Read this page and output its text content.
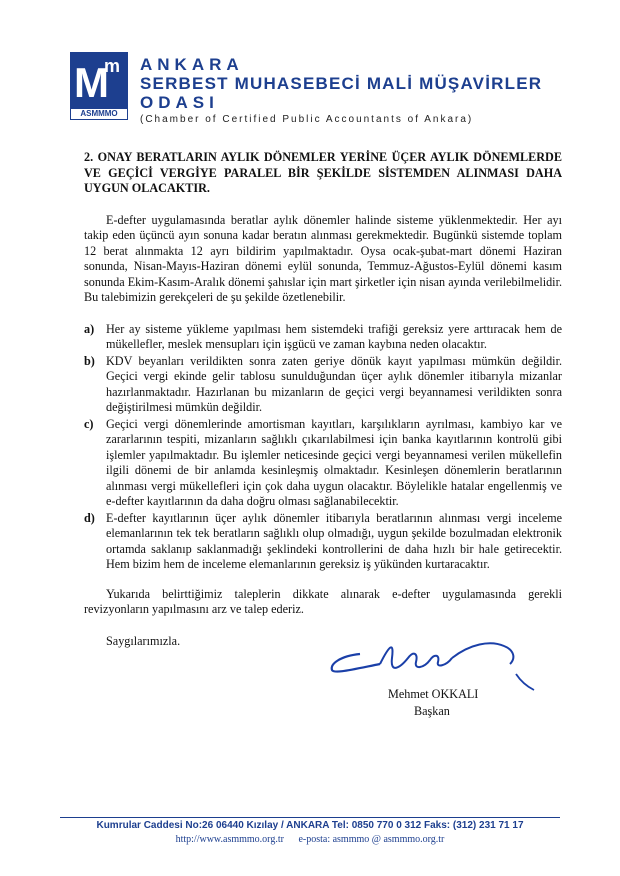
M
m
ASMMMO
ANKARA
SERBEST MUHASEBECİ MALİ MÜŞAVİRLER
ODASI
(Chamber of Certified Public Accountants of Ankara)

2. ONAY BERATLARIN AYLIK DÖNEMLER YERİNE ÜÇER AYLIK DÖNEMLERDE VE GEÇİCİ VERGİYE PARALEL BİR ŞEKİLDE SİSTEMDEN ALINMASI DAHA UYGUN OLACAKTIR.

E-defter uygulamasında beratlar aylık dönemler halinde sisteme yüklenmektedir. Her ayı takip eden üçüncü ayın sonuna kadar beratın alınması gerekmektedir. Bugünkü sistemde toplam 12 berat alınmakta 12 ayrı bildirim yapılmaktadır. Oysa ocak-şubat-mart dönemi Haziran sonunda, Nisan-Mayıs-Haziran dönemi eylül sonunda, Temmuz-Ağustos-Eylül dönemi kasım sonunda Ekim-Kasım-Aralık dönemi şahıslar için mart şirketler için nisan ayında verilebilmelidir. Bu talebimizin gerekçeleri de şu şekilde özetlenebilir.

a) Her ay sisteme yükleme yapılması hem sistemdeki trafiği gereksiz yere arttıracak hem de mükellefler, meslek mensupları için işgücü ve zaman kaybına neden olacaktır.
b) KDV beyanları verildikten sonra zaten geriye dönük kayıt yapılması mümkün değildir. Geçici vergi ekinde gelir tablosu sunulduğundan üçer aylık dönemler itibarıyla mizanlar hazırlanmaktadır. Hazırlanan bu mizanların de geçici vergi beyannamesi verildikten sonra değiştirilmesi mümkün değildir.
c) Geçici vergi dönemlerinde amortisman kayıtları, karşılıkların ayrılması, kambiyo kar ve zararlarının tespiti, mizanların sağlıklı çıkarılabilmesi için banka kayıtlarının kontrolü gibi işlemler yapılmaktadır. Bu işlemler neticesinde geçici vergi beyannamesi verilen mükellefin ilgili dönemi de bir anlamda kesinleşmiş olmaktadır. Kesinleşen dönemlerin beratlarının alınması vergi mükellefleri için çok daha uygun olacaktır. Böylelikle hatalar engellenmiş ve e-defter kayıtlarının da daha doğru olması sağlanabilecektir.
d) E-defter kayıtlarının üçer aylık dönemler itibarıyla beratlarının alınması vergi inceleme elemanlarının tek tek beratların sağlıklı olup olmadığı, uygun şekilde bozulmadan elektronik ortamda saklanıp saklanmadığı şeklindeki kontrollerini de daha hızlı bir hale getirecektir. Hem bizim hem de inceleme elemanlarının gereksiz iş yükünden kurtaracaktır.

Yukarıda belirttiğimiz taleplerin dikkate alınarak e-defter uygulamasında gerekli revizyonların yapılmasını arz ve talep ederiz.

Saygılarımızla.

Mehmet OKKALI
Başkan
Kumrular Caddesi No:26 06440 Kızılay / ANKARA Tel: 0850 770 0 312 Faks: (312) 231 71 17
http://www.asmmmo.org.tr e-posta: asmmmo @ asmmmo.org.tr
